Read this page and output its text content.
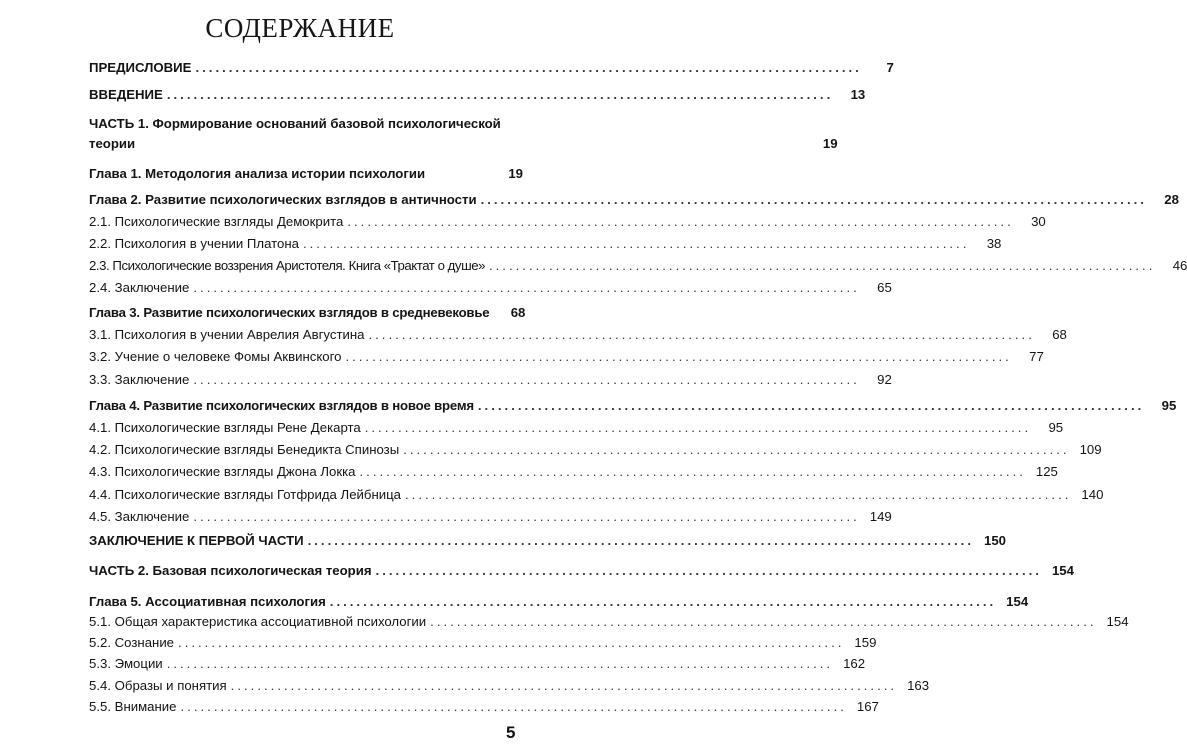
СОДЕРЖАНИЕ
ПРЕДИСЛОВИЕ ....................................................................................................	7
ВВЕДЕНИЕ ....................................................................................................	13
ЧАСТЬ 1. Формирование оснований базовой психологической
теории	19
Глава 1. Методология анализа истории психологии	19
Глава 2. Развитие психологических взглядов в античности ....................................................................................................	28
2.1. Психологические взгляды Демокрита ....................................................................................................	30
2.2. Психология в учении Платона ....................................................................................................	38
2.3. Психологические воззрения Аристотеля. Книга «Трактат о душе» ....................................................................................................	46
2.4. Заключение ....................................................................................................	65
Глава 3. Развитие психологических взглядов в средневековье	68
3.1. Психология в учении Аврелия Августина ....................................................................................................	68
3.2. Учение о человеке Фомы Аквинского ....................................................................................................	77
3.3. Заключение ....................................................................................................	92
Глава 4. Развитие психологических взглядов в новое время ....................................................................................................	95
4.1. Психологические взгляды Рене Декарта ....................................................................................................	95
4.2. Психологические взгляды Бенедикта Спинозы .................................................................................................... 109
4.3. Психологические взгляды Джона Локка .................................................................................................... 125
4.4. Психологические взгляды Готфрида Лейбница .................................................................................................... 140
4.5. Заключение .................................................................................................... 149
ЗАКЛЮЧЕНИЕ К ПЕРВОЙ ЧАСТИ .................................................................................................... 150
ЧАСТЬ 2. Базовая психологическая теория .................................................................................................... 154
Глава 5. Ассоциативная психология .................................................................................................... 154
5.1. Общая характеристика ассоциативной психологии .................................................................................................... 154
5.2. Сознание .................................................................................................... 159
5.3. Эмоции .................................................................................................... 162
5.4. Образы и понятия .................................................................................................... 163
5.5. Внимание .................................................................................................... 167
5
